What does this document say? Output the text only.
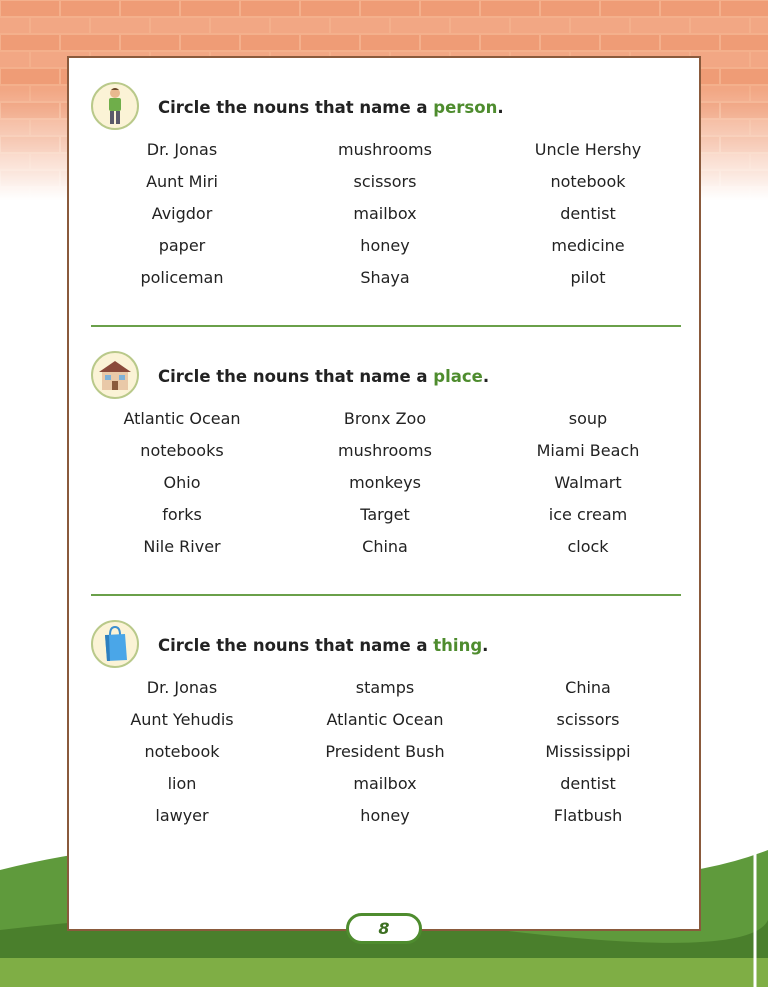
Circle the nouns that name a person.
Dr. Jonas
Aunt Miri
Avigdor
paper
policeman
mushrooms
scissors
mailbox
honey
Shaya
Uncle Hershy
notebook
dentist
medicine
pilot
Circle the nouns that name a place.
Atlantic Ocean
notebooks
Ohio
forks
Nile River
Bronx Zoo
mushrooms
monkeys
Target
China
soup
Miami Beach
Walmart
ice cream
clock
Circle the nouns that name a thing.
Dr. Jonas
Aunt Yehudis
notebook
lion
lawyer
stamps
Atlantic Ocean
President Bush
mailbox
honey
China
scissors
Mississippi
dentist
Flatbush
8
